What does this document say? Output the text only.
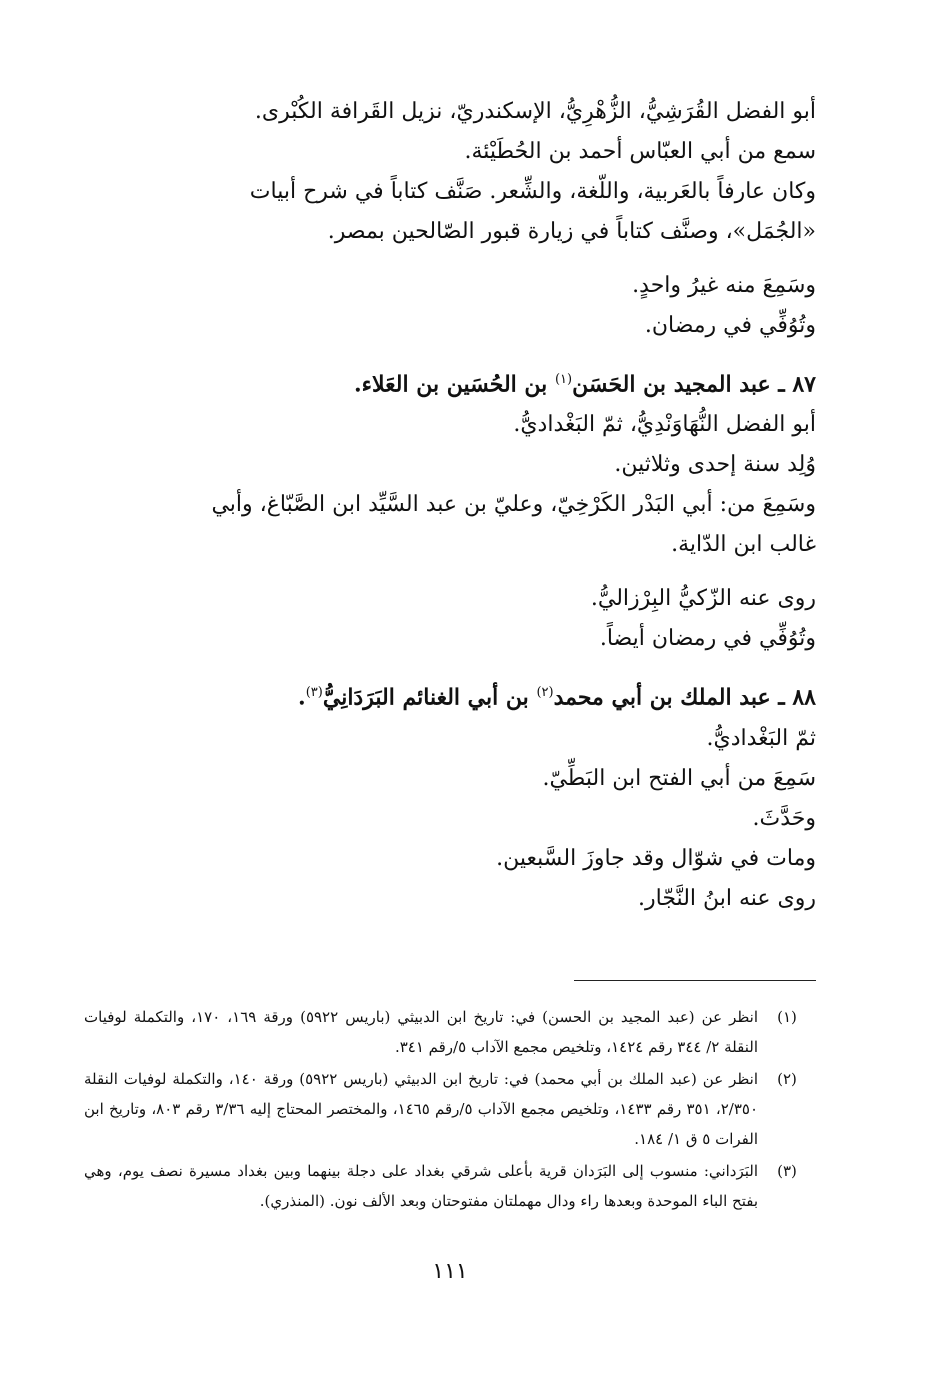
أبو الفضل القُرَشِيُّ، الزُّهْرِيُّ، الإسكندريّ، نزيل القَرافة الكُبْرى.

سمع من أبي العبّاس أحمد بن الحُطَيْئة.

وكان عارفاً بالعَربية، واللّغة، والشِّعر. صَنَّف كتاباً في شرح أبيات

«الجُمَل»، وصنَّف كتاباً في زيارة قبور الصّالحين بمصر.

وسَمِعَ منه غيرُ واحدٍ.

وتُوُفِّي في رمضان.

٨٧ ـ عبد المجيد بن الحَسَن$^{(١)}$ بن الحُسَين بن العَلاء.

أبو الفضل النُّهَاوَنْدِيُّ، ثمّ البَغْداديُّ.

وُلِد سنة إحدى وثلاثين.

وسَمِعَ من: أبي البَدْر الكَرْخِيّ، وعليّ بن عبد السَّيِّد ابن الصَّبّاغ، وأبي

غالب ابن الدّاية.

روى عنه الزّكيُّ البِرْزاليُّ.

وتُوُفِّي في رمضان أيضاً.

٨٨ ـ عبد الملك بن أبي محمد$^{(٢)}$ بن أبي الغنائم البَرَدَانِيُّ$^{(٣)}$.

ثمّ البَغْداديُّ.

سَمِعَ من أبي الفتح ابن البَطِّيّ.

وحَدَّثَ.

ومات في شوّال وقد جاوزَ السَّبعين.

روى عنه ابنُ النَّجّار.

(١)
انظر عن (عبد المجيد بن الحسن) في: تاريخ ابن الدبيثي (باريس ٥٩٢٢) ورقة ١٦٩، ١٧٠، والتكملة لوفيات النقلة ٢/ ٣٤٤ رقم ١٤٢٤، وتلخيص مجمع الآداب ٥/رقم ٣٤١.
(٢)
انظر عن (عبد الملك بن أبي محمد) في: تاريخ ابن الدبيثي (باريس ٥٩٢٢) ورقة ١٤٠، والتكملة لوفيات النقلة ٢/٣٥٠، ٣٥١ رقم ١٤٣٣، وتلخيص مجمع الآداب ٥/رقم ١٤٦٥، والمختصر المحتاج إليه ٣/٣٦ رقم ٨٠٣، وتاريخ ابن الفرات ٥ ق ١/ ١٨٤.
(٣)
البَرَداني: منسوب إلى البَرَدان قرية بأعلى شرقي بغداد على دجلة بينهما وبين بغداد مسيرة نصف يوم، وهي بفتح الباء الموحدة وبعدها راء ودال مهملتان مفتوحتان وبعد الألف نون. (المنذري).
١١١
